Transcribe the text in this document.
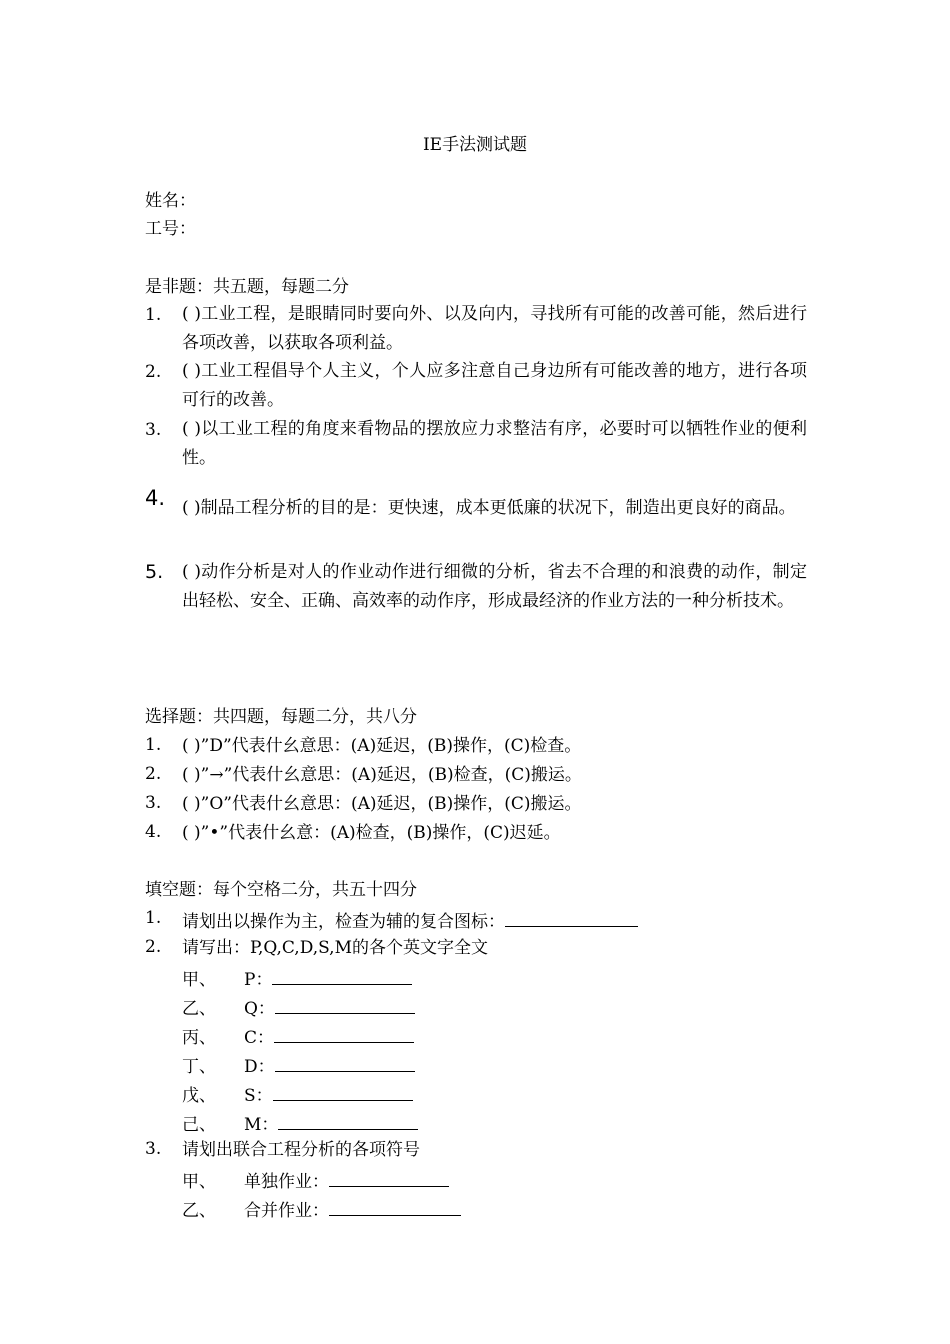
IE手法测试题
姓名：
工号：
是非题：共五题，每题二分
1. ( )工业工程，是眼睛同时要向外、以及向内，寻找所有可能的改善可能，然后进行各项改善，以获取各项利益。
2. ( )工业工程倡导个人主义，个人应多注意自己身边所有可能改善的地方，进行各项可行的改善。
3. ( )以工业工程的角度来看物品的摆放应力求整洁有序，必要时可以牺牲作业的便利性。
4. ( )制品工程分析的目的是：更快速，成本更低廉的状况下，制造出更良好的商品。
5. ( )动作分析是对人的作业动作进行细微的分析，省去不合理的和浪费的动作，制定出轻松、安全、正确、高效率的动作序，形成最经济的作业方法的一种分析技术。
选择题：共四题，每题二分，共八分
1. ( )”D”代表什幺意思：(A)延迟，(B)操作，(C)检查。
2. ( )”→”代表什幺意思：(A)延迟，(B)检查，(C)搬运。
3. ( )”O”代表什幺意思：(A)延迟，(B)操作，(C)搬运。
4. ( )”•”代表什幺意：(A)检查，(B)操作，(C)迟延。
填空题：每个空格二分，共五十四分
1. 请划出以操作为主，检查为辅的复合图标：
2. 请写出：P,Q,C,D,S,M的各个英文字全文
甲、 P：
乙、 Q：
丙、 C：
丁、 D：
戊、 S：
己、 M：
3. 请划出联合工程分析的各项符号
甲、 单独作业：
乙、 合并作业：
